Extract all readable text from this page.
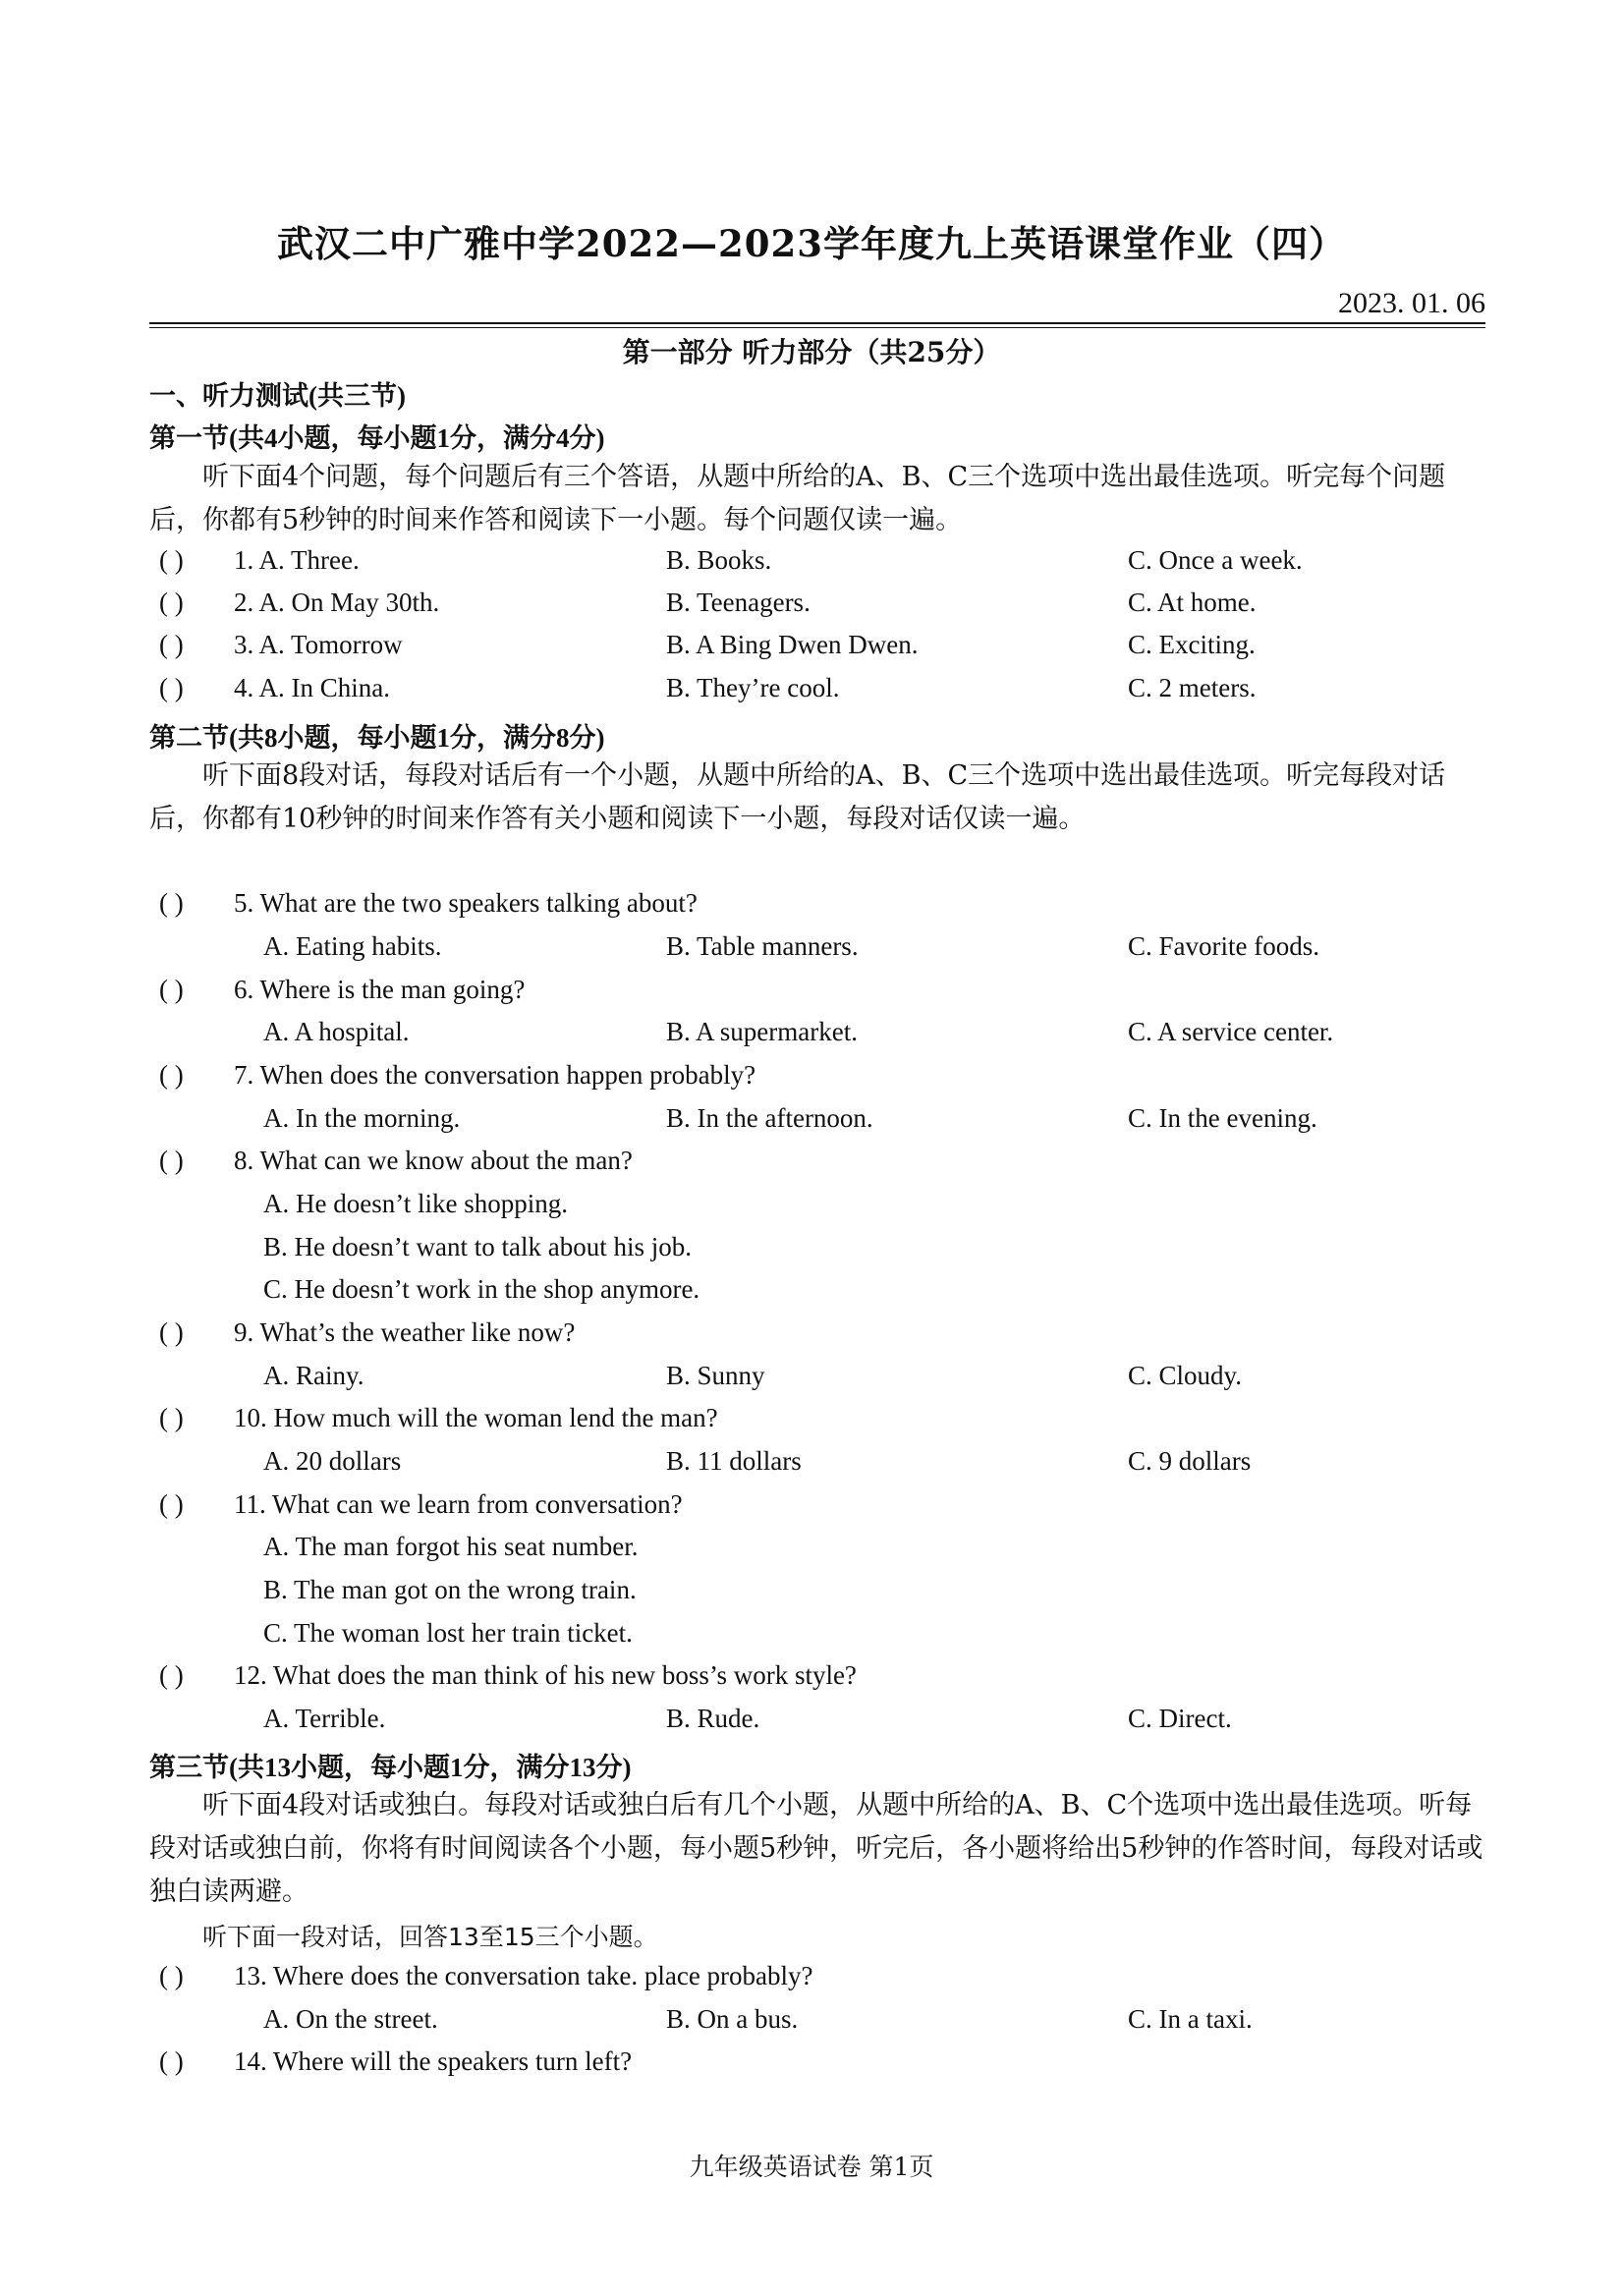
武汉二中广雅中学2022—2023学年度九上英语课堂作业（四）
2023. 01. 06
第一部分 听力部分（共25分）
一、听力测试(共三节)
第一节(共4小题，每小题1分，满分4分)
听下面4个问题，每个问题后有三个答语，从题中所给的A、B、C三个选项中选出最佳选项。听完每个问题后，你都有5秒钟的时间来作答和阅读下一小题。每个问题仅读一遍。
( ) 1. A. Three.	B. Books.	C. Once a week.
( ) 2. A. On May 30th.	B. Teenagers.	C. At home.
( ) 3. A. Tomorrow	B. A Bing Dwen Dwen.	C. Exciting.
( ) 4. A. In China.	B. They’re cool.	C. 2 meters.
第二节(共8小题，每小题1分，满分8分)
听下面8段对话，每段对话后有一个小题，从题中所给的A、B、C三个选项中选出最佳选项。听完每段对话后，你都有10秒钟的时间来作答有关小题和阅读下一小题，每段对话仅读一遍。
( ) 5. What are the two speakers talking about?
A. Eating habits.	B. Table manners.	C. Favorite foods.
( ) 6. Where is the man going?
A. A hospital.	B. A supermarket.	C. A service center.
( ) 7. When does the conversation happen probably?
A. In the morning.	B. In the afternoon.	C. In the evening.
( ) 8. What can we know about the man?
A. He doesn’t like shopping.
B. He doesn’t want to talk about his job.
C. He doesn’t work in the shop anymore.
( ) 9. What’s the weather like now?
A. Rainy.	B. Sunny	C. Cloudy.
( ) 10. How much will the woman lend the man?
A. 20 dollars	B. 11 dollars	C. 9 dollars
( ) 11. What can we learn from conversation?
A. The man forgot his seat number.
B. The man got on the wrong train.
C. The woman lost her train ticket.
( ) 12. What does the man think of his new boss’s work style?
A. Terrible.	B. Rude.	C. Direct.
第三节(共13小题，每小题1分，满分13分)
听下面4段对话或独白。每段对话或独白后有几个小题，从题中所给的A、B、C个选项中选出最佳选项。听每段对话或独白前，你将有时间阅读各个小题，每小题5秒钟，听完后，各小题将给出5秒钟的作答时间，每段对话或独白读两避。
听下面一段对话，回答13至15三个小题。
( ) 13. Where does the conversation take. place probably?
A. On the street.	B. On a bus.	C. In a taxi.
( ) 14. Where will the speakers turn left?
九年级英语试卷 第1页
